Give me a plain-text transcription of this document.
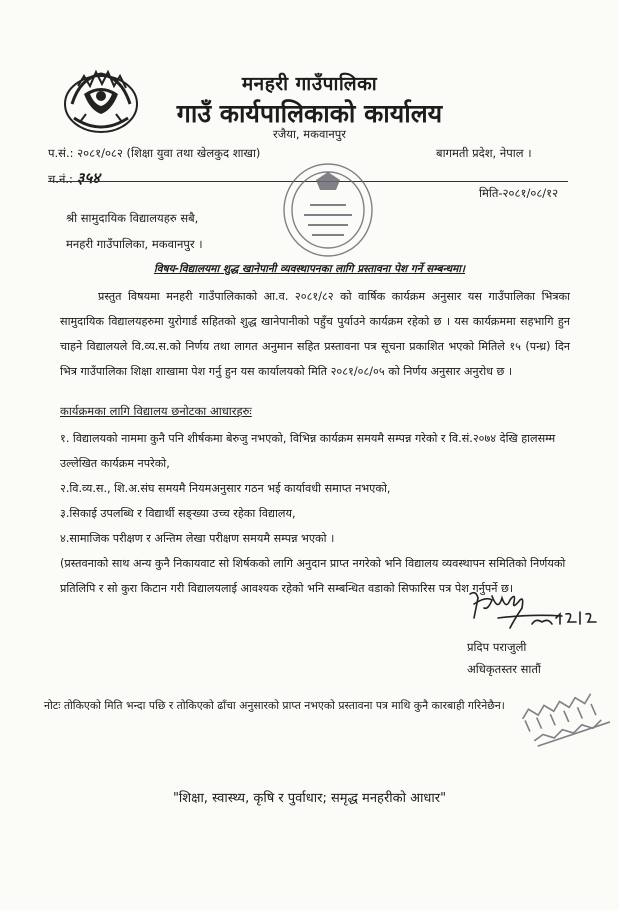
मनहरी गाउँपालिका
गाउँ कार्यपालिकाको कार्यालय
रजैया, मकवानपुर
प.सं.: २०८१/०८२ (शिक्षा युवा तथा खेलकुद शाखा)	बागमती प्रदेश, नेपाल ।
च.नं.: ३५४
मिति-२०८१/०८/१२
श्री सामुदायिक विद्यालयहरु सबै,
मनहरी गाउँपालिका, मकवानपुर ।
विषय-विद्यालयमा शुद्ध खानेपानी व्यवस्थापनका लागि प्रस्तावना पेश गर्ने सम्बन्धमा।
प्रस्तुत विषयमा मनहरी गाउँपालिकाको आ.व. २०८१/८२ को वार्षिक कार्यक्रम अनुसार यस गाउँपालिका भित्रका सामुदायिक विद्यालयहरुमा युरोगार्ड सहितको शुद्ध खानेपानीको पहुँच पुर्याउने कार्यक्रम रहेको छ । यस कार्यक्रममा सहभागि हुन चाहने विद्यालयले वि.व्य.स.को निर्णय तथा लागत अनुमान सहित प्रस्तावना पत्र सूचना प्रकाशित भएको मितिले १५ (पन्ध्र) दिन भित्र गाउँपालिका शिक्षा शाखामा पेश गर्नु हुन यस कार्यालयको मिति २०८१/०८/०५ को निर्णय अनुसार अनुरोध छ ।
कार्यक्रमका लागि विद्यालय छनोटका आधारहरुः
१. विद्यालयको नाममा कुनै पनि शीर्षकमा बेरुजु नभएको, विभिन्न कार्यक्रम समयमै सम्पन्न गरेको र वि.सं.२०७४ देखि हालसम्म उल्लेखित कार्यक्रम नपरेको,
२.वि.व्य.स., शि.अ.संघ समयमै नियमअनुसार गठन भई कार्यावधी समाप्त नभएको,
३.सिकाई उपलब्धि र विद्यार्थी सङ्ख्या उच्च रहेका विद्यालय,
४.सामाजिक परीक्षण र अन्तिम लेखा परीक्षण समयमै सम्पन्न भएको ।
(प्रस्तवनाको साथ अन्य कुनै निकायवाट सो शिर्षकको लागि अनुदान प्राप्त नगरेको भनि विद्यालय व्यवस्थापन समितिको निर्णयको प्रतिलिपि र सो कुरा किटान गरी विद्यालयलाई आवश्यक रहेको भनि सम्बन्धित वडाको सिफारिस पत्र पेश गर्नुपर्ने छ।
प्रदिप पराजुली
अधिकृतस्तर सातौं
नोटः तोकिएको मिति भन्दा पछि र तोकिएको ढाँचा अनुसारको प्राप्त नभएको प्रस्तावना पत्र माथि कुनै कारबाही गरिनेछैन।
"शिक्षा, स्वास्थ्य, कृषि र पुर्वाधार; समृद्ध मनहरीको आधार"
